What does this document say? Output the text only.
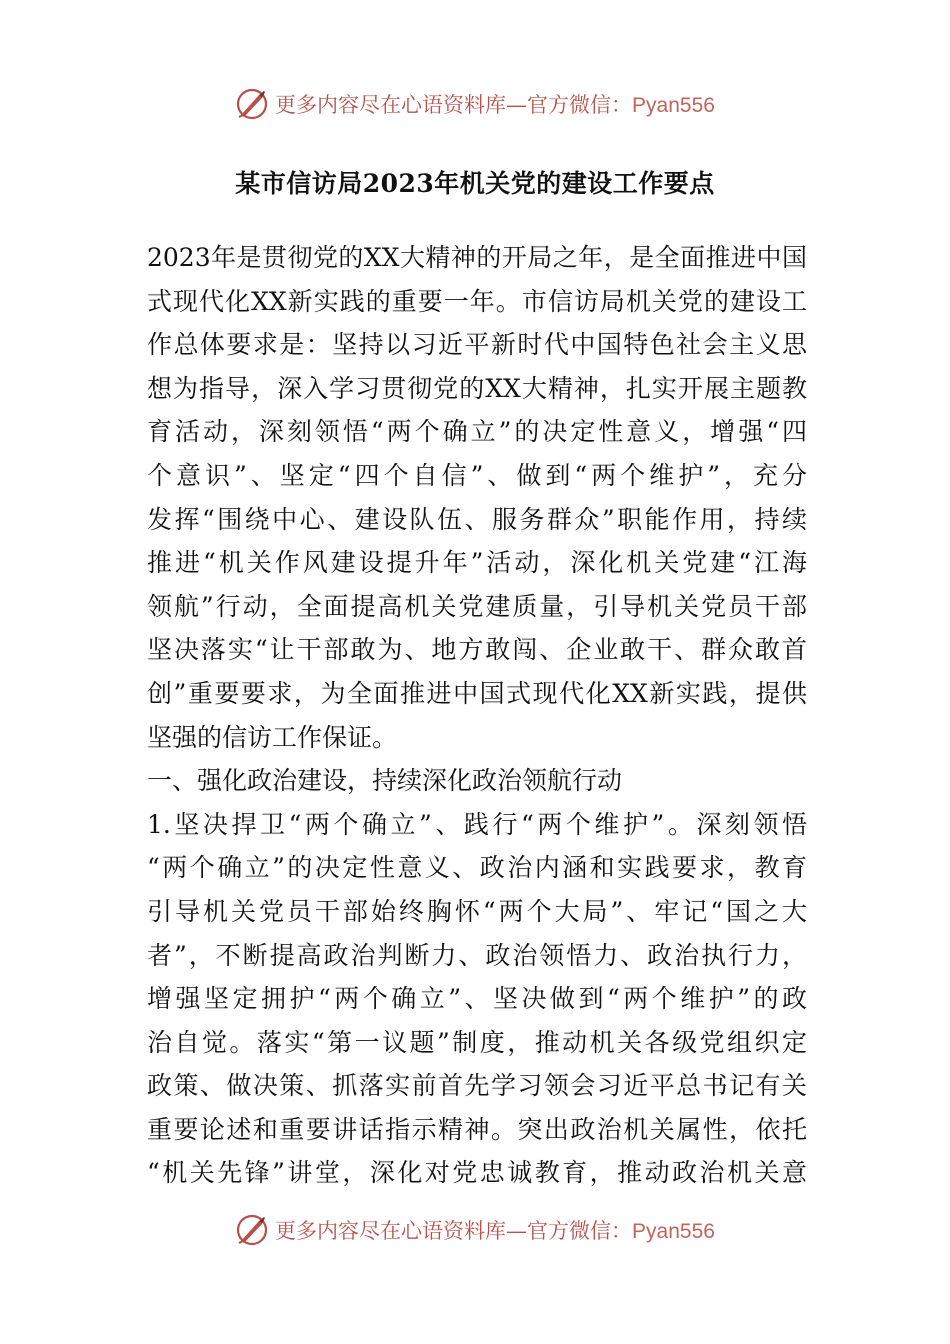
更多内容尽在心语资料库—官方微信：Pyan556
某市信访局2023年机关党的建设工作要点
2023年是贯彻党的XX大精神的开局之年，是全面推进中国
式现代化XX新实践的重要一年。市信访局机关党的建设工
作总体要求是：坚持以习近平新时代中国特色社会主义思
想为指导，深入学习贯彻党的XX大精神，扎实开展主题教
育活动，深刻领悟“两个确立”的决定性意义，增强“四
个意识”、坚定“四个自信”、做到“两个维护”，充分
发挥“围绕中心、建设队伍、服务群众”职能作用，持续
推进“机关作风建设提升年”活动，深化机关党建“江海
领航”行动，全面提高机关党建质量，引导机关党员干部
坚决落实“让干部敢为、地方敢闯、企业敢干、群众敢首
创”重要要求，为全面推进中国式现代化XX新实践，提供
坚强的信访工作保证。
一、强化政治建设，持续深化政治领航行动
1.坚决捍卫“两个确立”、践行“两个维护”。深刻领悟
“两个确立”的决定性意义、政治内涵和实践要求，教育
引导机关党员干部始终胸怀“两个大局”、牢记“国之大
者”，不断提高政治判断力、政治领悟力、政治执行力，
增强坚定拥护“两个确立”、坚决做到“两个维护”的政
治自觉。落实“第一议题”制度，推动机关各级党组织定
政策、做决策、抓落实前首先学习领会习近平总书记有关
重要论述和重要讲话指示精神。突出政治机关属性，依托
“机关先锋”讲堂，深化对党忠诚教育，推动政治机关意
更多内容尽在心语资料库—官方微信：Pyan556
